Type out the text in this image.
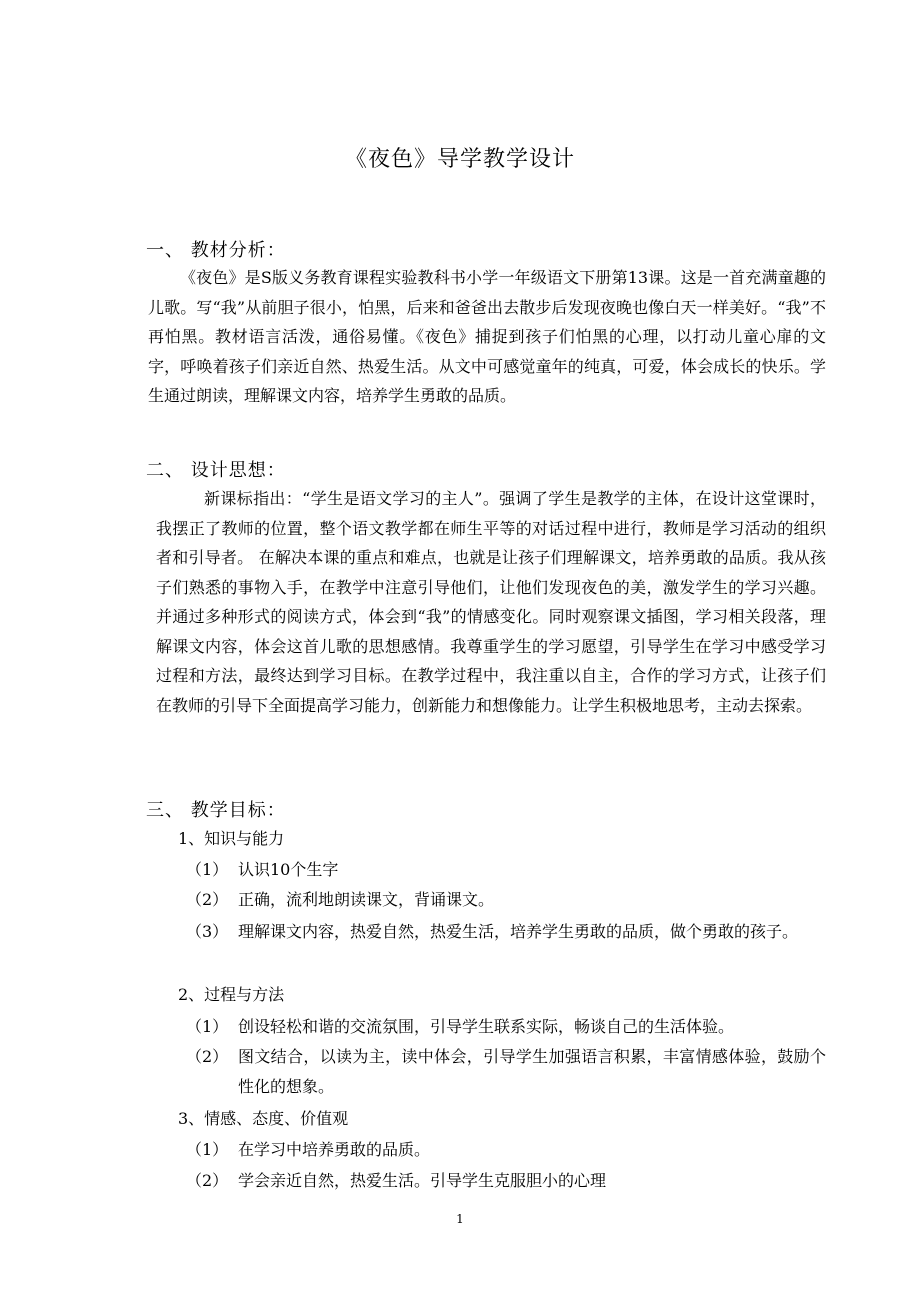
《夜色》导学教学设计
一、 教材分析：

《夜色》是S版义务教育课程实验教科书小学一年级语文下册第13课。这是一首充满童趣的儿歌。写“我”从前胆子很小，怕黑，后来和爸爸出去散步后发现夜晚也像白天一样美好。“我”不再怕黑。教材语言活泼，通俗易懂。《夜色》捕捉到孩子们怕黑的心理，以打动儿童心扉的文字，呼唤着孩子们亲近自然、热爱生活。从文中可感觉童年的纯真，可爱，体会成长的快乐。学生通过朗读，理解课文内容，培养学生勇敢的品质。

二、 设计思想：

新课标指出：“学生是语文学习的主人”。强调了学生是教学的主体，在设计这堂课时，我摆正了教师的位置，整个语文教学都在师生平等的对话过程中进行，教师是学习活动的组织者和引导者。 在解决本课的重点和难点，也就是让孩子们理解课文，培养勇敢的品质。我从孩子们熟悉的事物入手，在教学中注意引导他们，让他们发现夜色的美，激发学生的学习兴趣。并通过多种形式的阅读方式，体会到“我”的情感变化。同时观察课文插图，学习相关段落，理解课文内容，体会这首儿歌的思想感情。我尊重学生的学习愿望，引导学生在学习中感受学习过程和方法，最终达到学习目标。在教学过程中，我注重以自主，合作的学习方式，让孩子们在教师的引导下全面提高学习能力，创新能力和想像能力。让学生积极地思考，主动去探索。

三、 教学目标：
1、知识与能力
（1） 认识10个生字
（2） 正确，流利地朗读课文，背诵课文。
（3） 理解课文内容，热爱自然，热爱生活，培养学生勇敢的品质，做个勇敢的孩子。
2、过程与方法
（1） 创设轻松和谐的交流氛围，引导学生联系实际，畅谈自己的生活体验。
（2） 图文结合，以读为主，读中体会，引导学生加强语言积累，丰富情感体验，鼓励个性化的想象。
3、情感、态度、价值观
（1） 在学习中培养勇敢的品质。
（2） 学会亲近自然，热爱生活。引导学生克服胆小的心理
1
